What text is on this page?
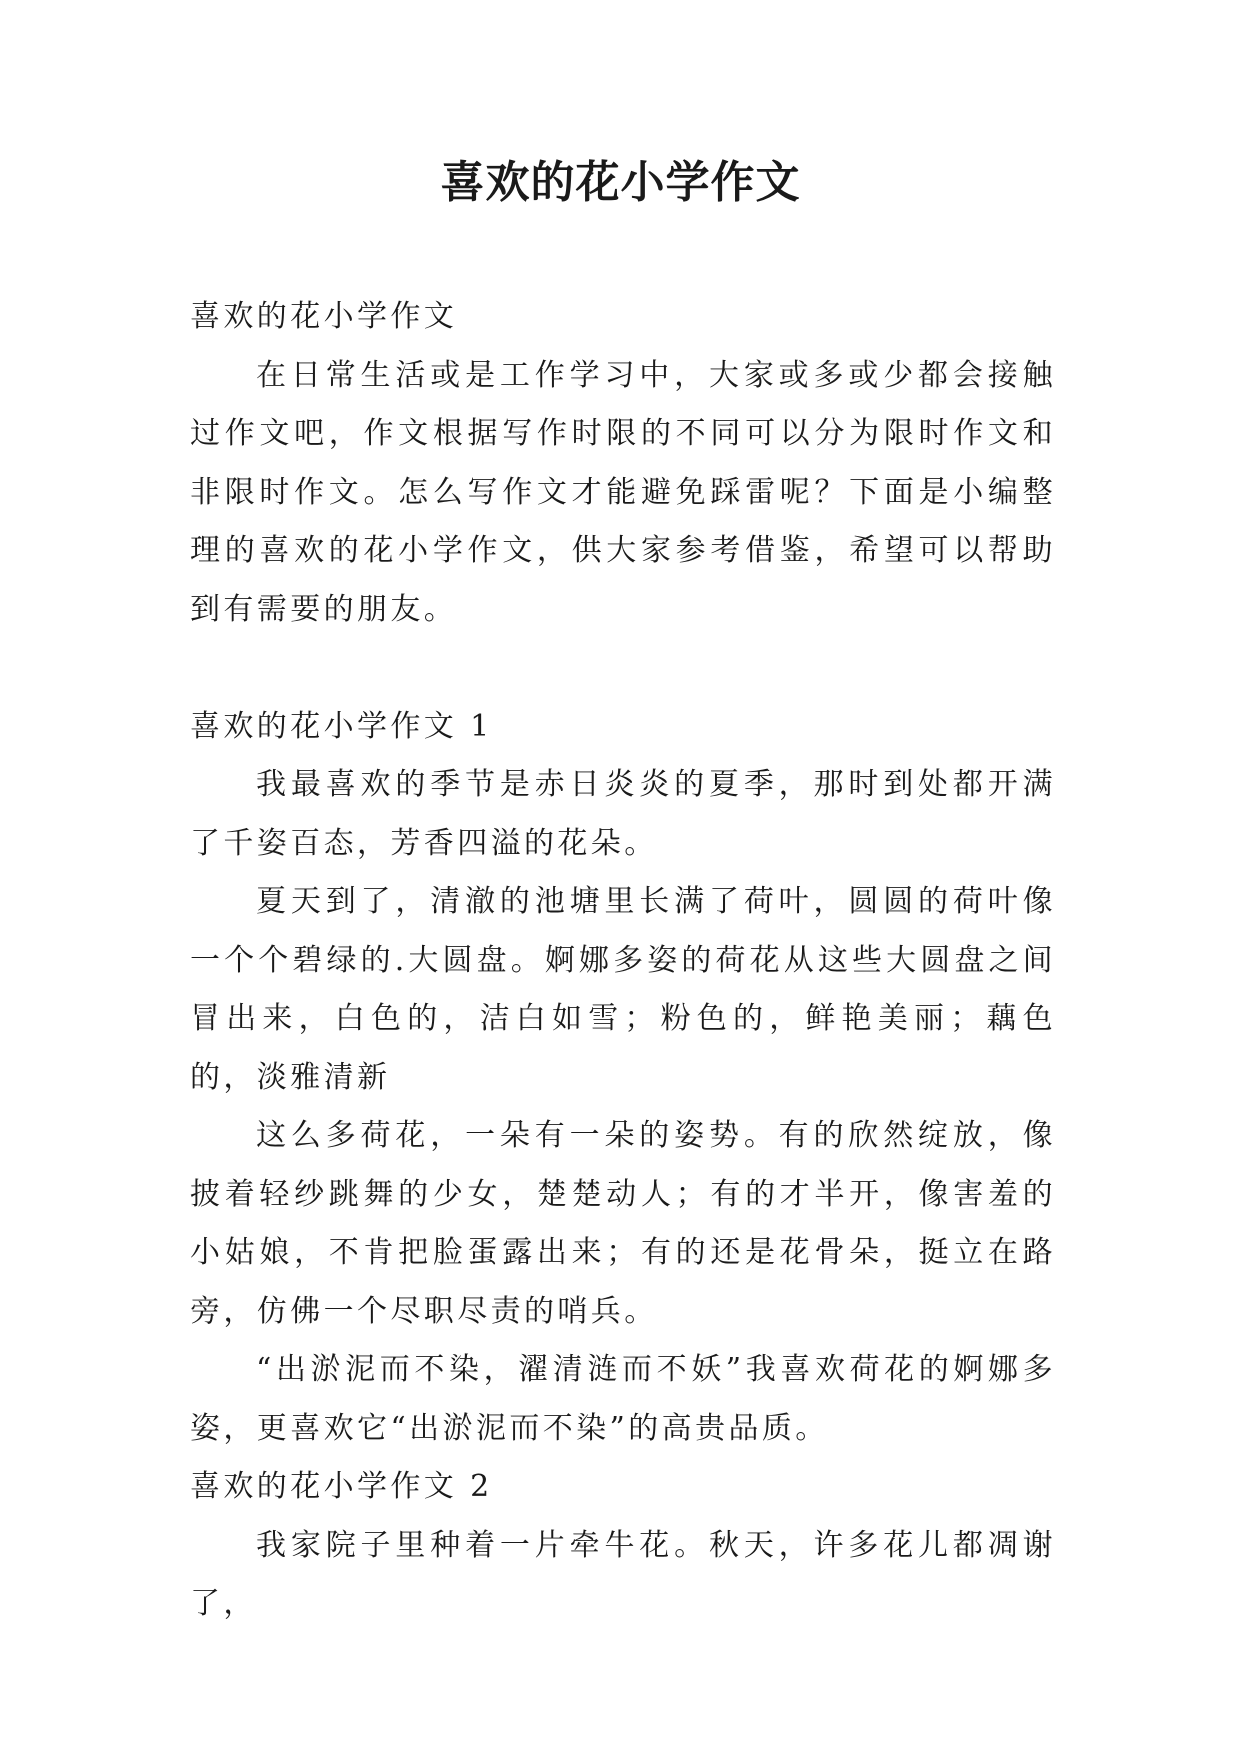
喜欢的花小学作文

喜欢的花小学作文

在日常生活或是工作学习中，大家或多或少都会接触过作文吧，作文根据写作时限的不同可以分为限时作文和非限时作文。怎么写作文才能避免踩雷呢？下面是小编整理的喜欢的花小学作文，供大家参考借鉴，希望可以帮助到有需要的朋友。

喜欢的花小学作文 1

我最喜欢的季节是赤日炎炎的夏季，那时到处都开满了千姿百态，芳香四溢的花朵。

夏天到了，清澈的池塘里长满了荷叶，圆圆的荷叶像一个个碧绿的.大圆盘。婀娜多姿的荷花从这些大圆盘之间冒出来，白色的，洁白如雪；粉色的，鲜艳美丽；藕色的，淡雅清新

这么多荷花，一朵有一朵的姿势。有的欣然绽放，像披着轻纱跳舞的少女，楚楚动人；有的才半开，像害羞的小姑娘，不肯把脸蛋露出来；有的还是花骨朵，挺立在路旁，仿佛一个尽职尽责的哨兵。

“出淤泥而不染，濯清涟而不妖”我喜欢荷花的婀娜多姿，更喜欢它“出淤泥而不染”的高贵品质。

喜欢的花小学作文 2

我家院子里种着一片牵牛花。秋天，许多花儿都凋谢了，
